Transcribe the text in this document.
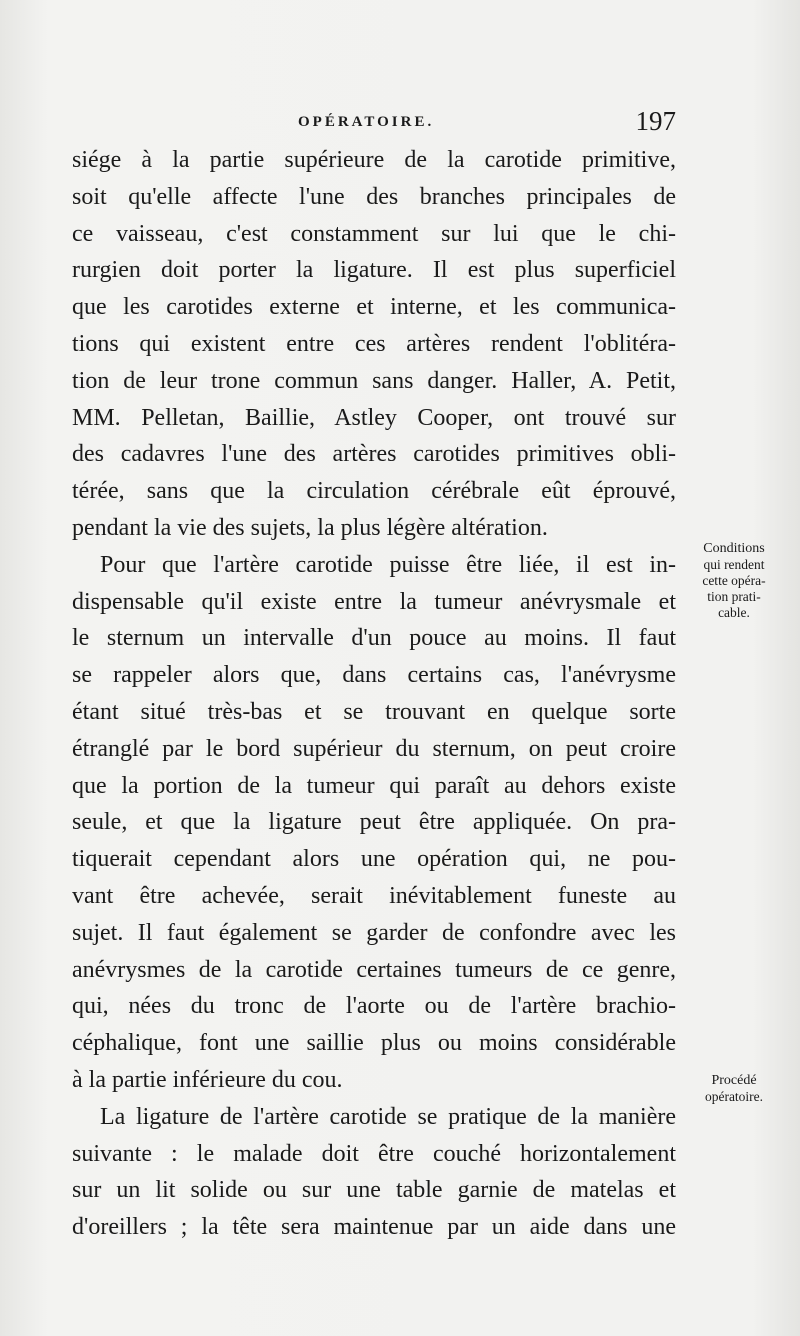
OPÉRATOIRE.	197
siége à la partie supérieure de la carotide primitive,
soit qu'elle affecte l'une des branches principales de
ce vaisseau, c'est constamment sur lui que le chi-
rurgien doit porter la ligature. Il est plus superficiel
que les carotides externe et interne, et les communica-
tions qui existent entre ces artères rendent l'oblitéra-
tion de leur trone commun sans danger. Haller, A. Petit,
MM. Pelletan, Baillie, Astley Cooper, ont trouvé sur
des cadavres l'une des artères carotides primitives obli-
térée, sans que la circulation cérébrale eût éprouvé,
pendant la vie des sujets, la plus légère altération.
Pour que l'artère carotide puisse être liée, il est in-
dispensable qu'il existe entre la tumeur anévrysmale et
le sternum un intervalle d'un pouce au moins. Il faut
se rappeler alors que, dans certains cas, l'anévrysme
étant situé très-bas et se trouvant en quelque sorte
étranglé par le bord supérieur du sternum, on peut croire
que la portion de la tumeur qui paraît au dehors existe
seule, et que la ligature peut être appliquée. On pra-
tiquerait cependant alors une opération qui, ne pou-
vant être achevée, serait inévitablement funeste au
sujet. Il faut également se garder de confondre avec les
anévrysmes de la carotide certaines tumeurs de ce genre,
qui, nées du tronc de l'aorte ou de l'artère brachio-
céphalique, font une saillie plus ou moins considérable
à la partie inférieure du cou.
La ligature de l'artère carotide se pratique de la manière
suivante : le malade doit être couché horizontalement
sur un lit solide ou sur une table garnie de matelas et
d'oreillers ; la tête sera maintenue par un aide dans une
Conditions
qui rendent
cette opéra-
tion prati-
cable.
Procédé
opératoire.
